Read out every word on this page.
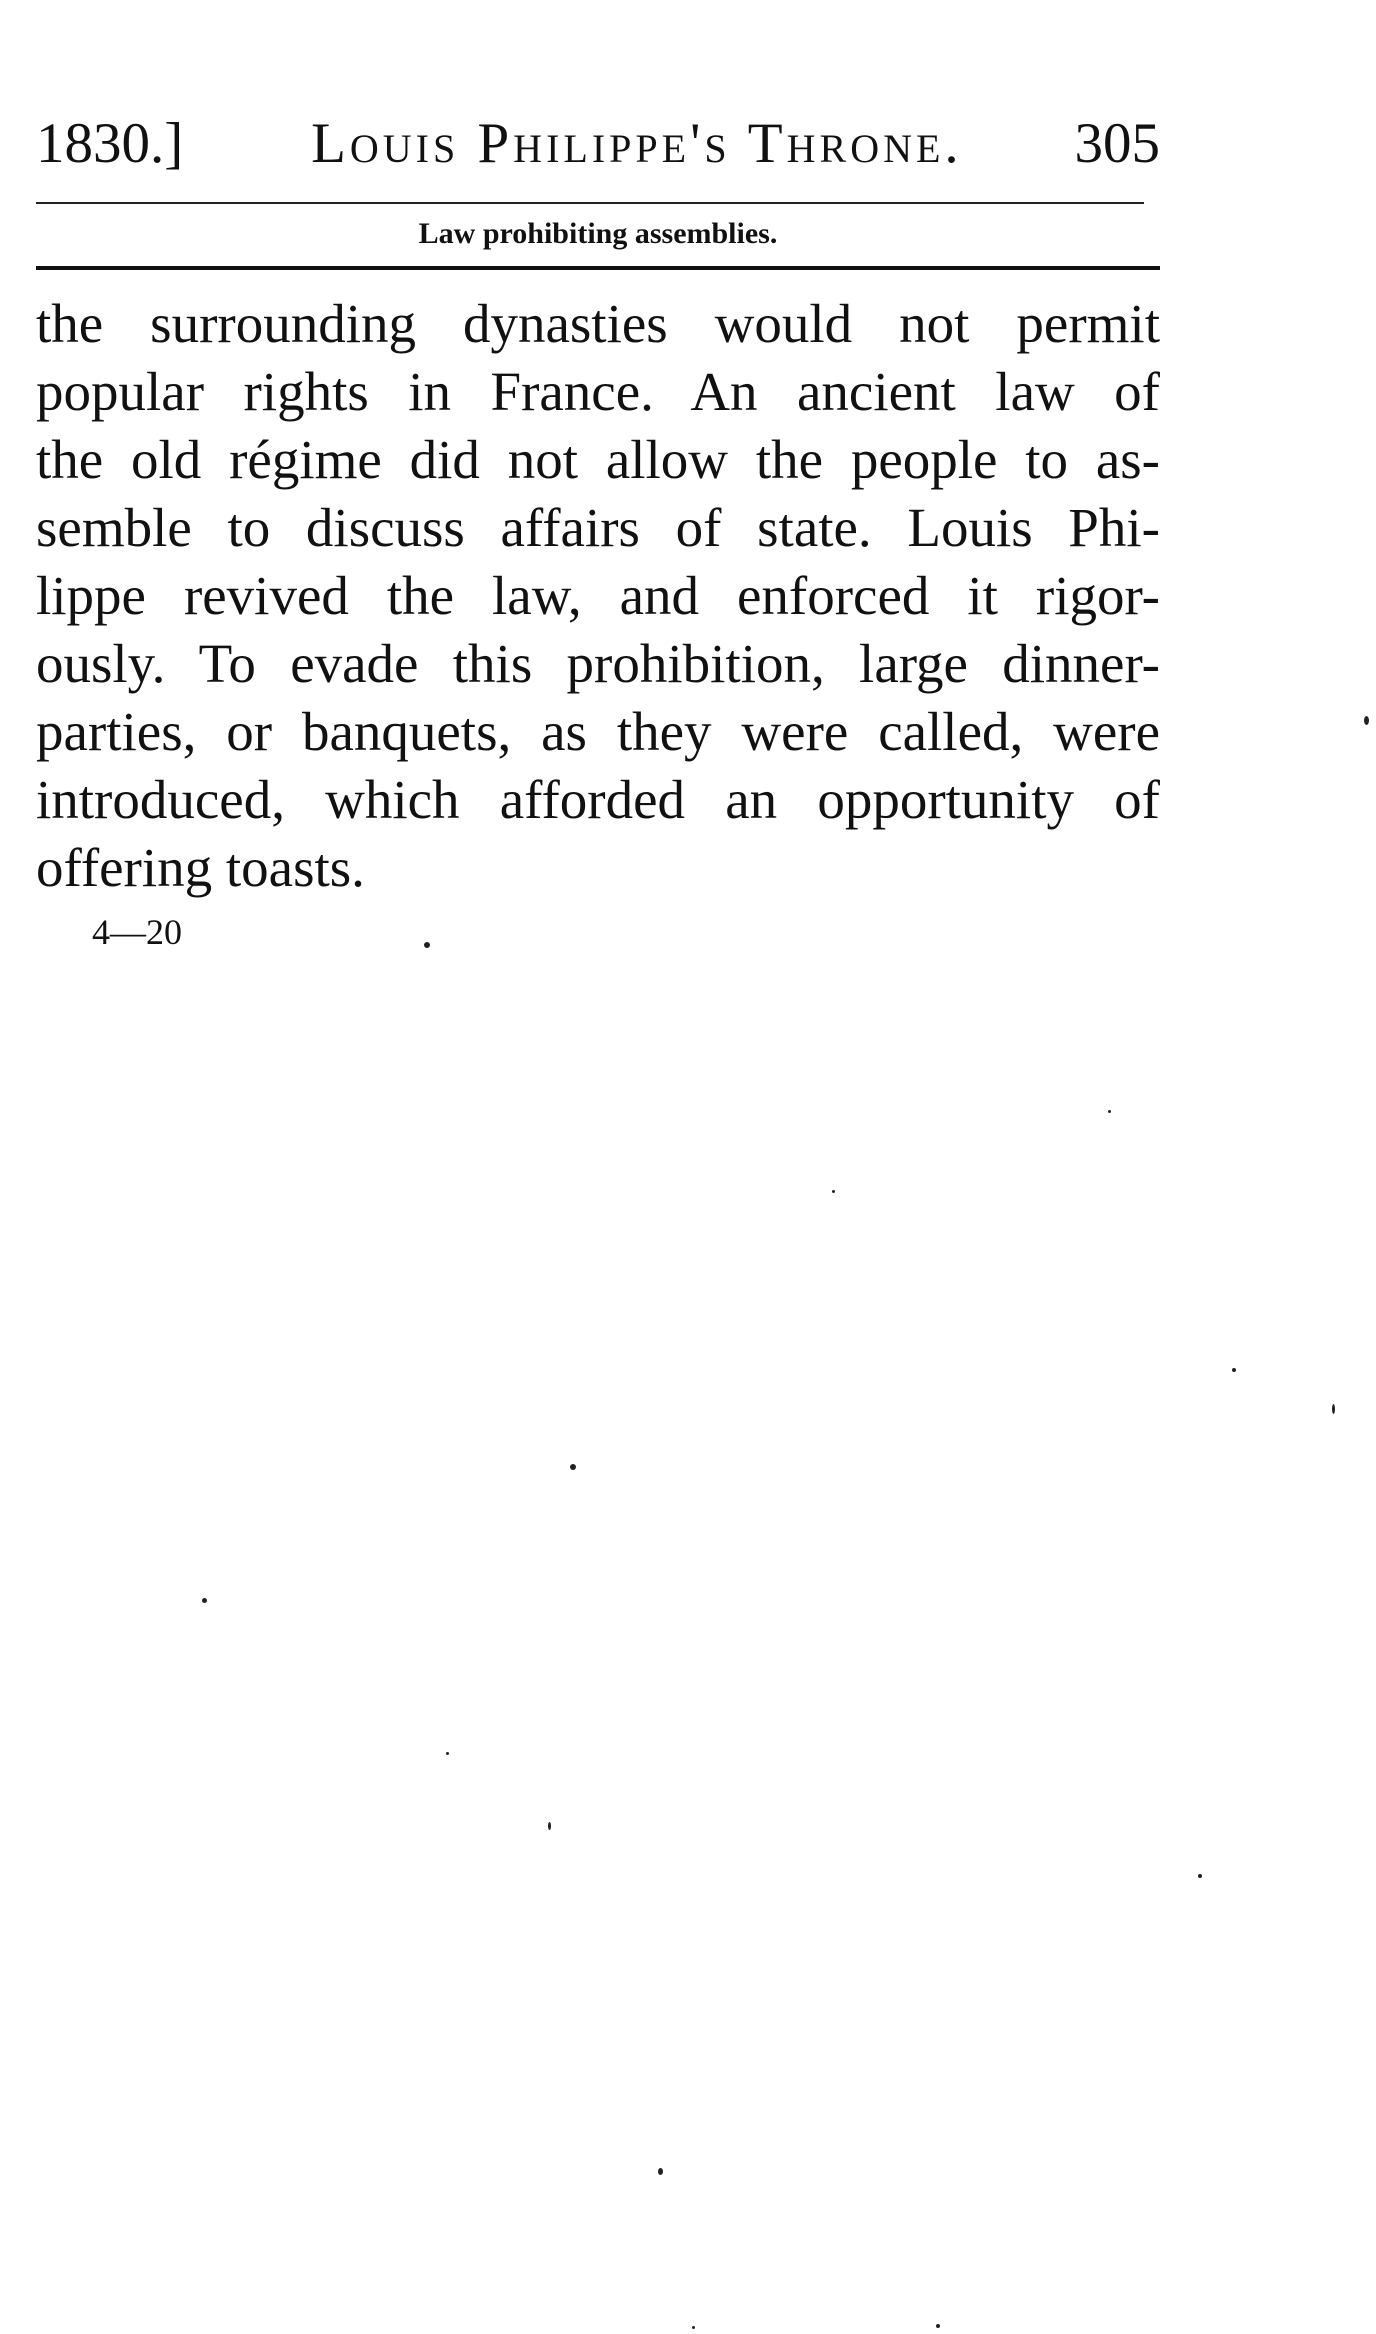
1830.]	Louis Philippe's Throne.	305
Law prohibiting assemblies.
the surrounding dynasties would not permit
popular rights in France. An ancient law of
the old régime did not allow the people to as-
semble to discuss affairs of state. Louis Phi-
lippe revived the law, and enforced it rigor-
ously. To evade this prohibition, large dinner-
parties, or banquets, as they were called, were
introduced, which afforded an opportunity of
offering toasts.
4—20
